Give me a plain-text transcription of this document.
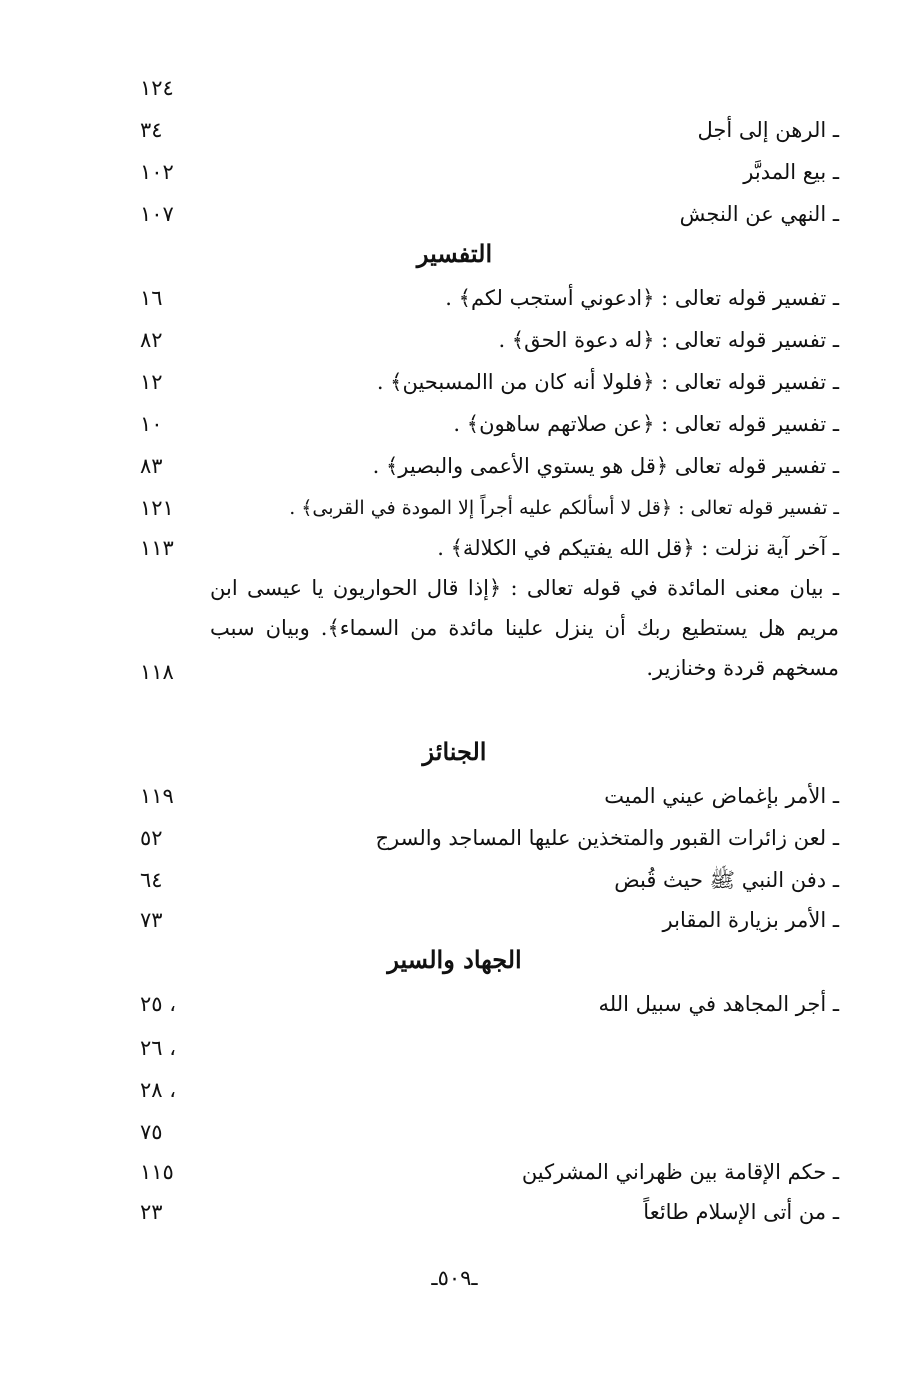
١٢٤
ـ الرهن إلى أجل
٣٤
ـ بيع المدبَّر
١٠٢
ـ النهي عن النجش
١٠٧
التفسير
ـ تفسير قوله تعالى : ﴿ادعوني أستجب لكم﴾ .
١٦
ـ تفسير قوله تعالى : ﴿له دعوة الحق﴾ .
٨٢
ـ تفسير قوله تعالى : ﴿فلولا أنه كان من االمسبحين﴾ .
١٢
ـ تفسير قوله تعالى : ﴿عن صلاتهم ساهون﴾ .
١٠
ـ تفسير قوله تعالى ﴿قل هو يستوي الأعمى والبصير﴾ .
٨٣
ـ تفسير قوله تعالى : ﴿قل لا أسألكم عليه أجراً إلا المودة في القربى﴾ .
١٢١
ـ آخر آية نزلت : ﴿قل الله يفتيكم في الكلالة﴾ .
١١٣
ـ بيان معنى المائدة في قوله تعالى : ﴿إذا قال الحواريون يا عيسى ابن مريم هل يستطيع ربك أن ينزل علينا مائدة من السماء﴾. وبيان سبب مسخهم قردة وخنازير.
١١٨
الجنائز
ـ الأمر بإغماض عيني الميت
١١٩
ـ لعن زائرات القبور والمتخذين عليها المساجد والسرج
٥٢
ـ دفن النبي ﷺ حيث قُبض
٦٤
ـ الأمر بزيارة المقابر
٧٣
الجهاد والسير
ـ أجر المجاهد في سبيل الله
، ٢٥
، ٢٦
، ٢٨
٧٥
ـ حكم الإقامة بين ظهراني المشركين
١١٥
ـ من أتى الإسلام طائعاً
٢٣
ـ٥٠٩ـ
